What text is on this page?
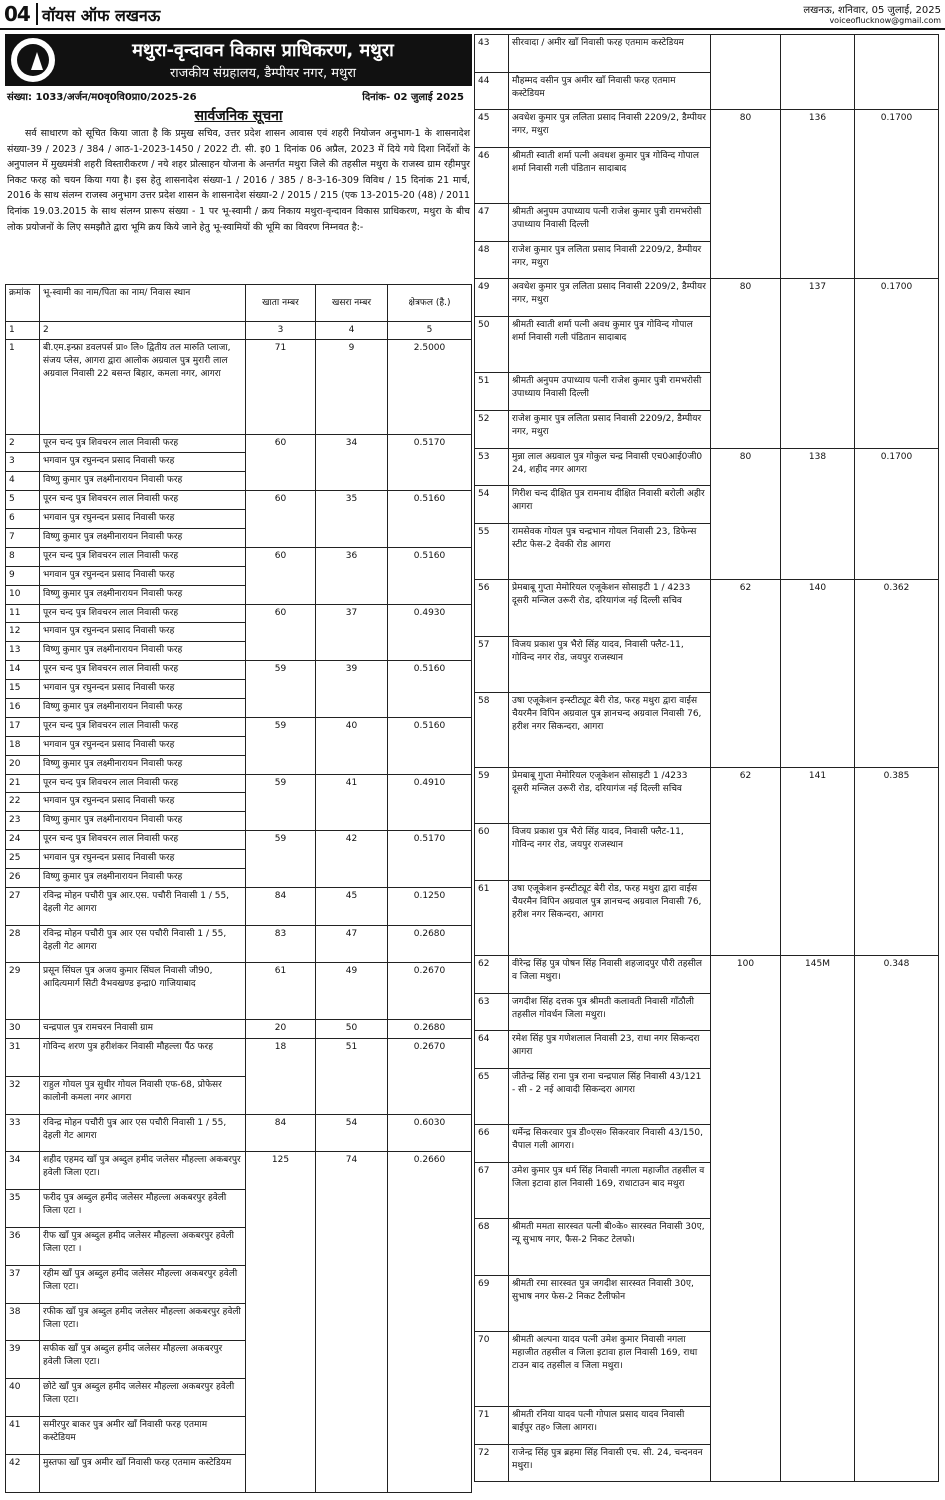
04 वॉयस ऑफ लखनऊ	लखनऊ, शनिवार, 05 जुलाई, 2025
voiceoflucknow@gmail.com
मथुरा-वृन्दावन विकास प्राधिकरण, मथुरा
राजकीय संग्रहालय, डैम्पीयर नगर, मथुरा
संख्या: 1033/अर्जन/म0वृ0वि0प्रा0/2025-26	दिनांक- 02 जुलाई 2025
सार्वजनिक सूचना
सर्व साधारण को सूचित किया जाता है कि प्रमुख सचिव, उत्तर प्रदेश शासन आवास एवं शहरी नियोजन अनुभाग-1 के शासनादेश संख्या-39 / 2023 / 384 / आठ-1-2023-1450 / 2022 टी. सी. इ0 1 दिनांक 06 अप्रैल, 2023 में दिये गये दिशा निर्देशों के अनुपालन में मुख्यमंत्री शहरी विस्तारीकरण / नये शहर प्रोत्साहन योजना के अन्तर्गत मथुरा जिले की तहसील मथुरा के राजस्व ग्राम रहीमपुर निकट फरह को चयन किया गया है। इस हेतु शासनादेश संख्या-1 / 2016 / 385 / 8-3-16-309 विविध / 15 दिनांक 21 मार्च, 2016 के साथ संलग्न राजस्व अनुभाग उत्तर प्रदेश शासन के शासनादेश संख्या-2 / 2015 / 215 (एक 13-2015-20 (48) / 2011 दिनांक 19.03.2015 के साथ संलग्न प्रारूप संख्या - 1 पर भू-स्वामी / क्रय निकाय मथुरा-वृन्दावन विकास प्राधिकरण, मथुरा के बीच लोक प्रयोजनों के लिए समझौते द्वारा भूमि क्रय किये जाने हेतु भू-स्वामियों की भूमि का विवरण निम्नवत है:-
क्रमांक	भू-स्वामी का नाम/पिता का नाम/ निवास स्थान	खाता नम्बर	खसरा नम्बर	क्षेत्रफल (है.)
1	2	3	4	5
1	बी.एम.इन्फ्रा डवलपर्स प्रा० लि० द्वितीय तल मारुति प्लाजा, संजय प्लेस, आगरा द्वारा आलोक अग्रवाल पुत्र मुरारी लाल अग्रवाल निवासी 22 बसन्त बिहार, कमला नगर, आगरा	71	9	2.5000
2	पूरन चन्द पुत्र शिवचरन लाल निवासी फरह	60	34	0.5170
3	भगवान पुत्र रघुनन्दन प्रसाद निवासी फरह			
4	विष्णु कुमार पुत्र लक्ष्मीनारायन निवासी फरह			
5	पूरन चन्द पुत्र शिवचरन लाल निवासी फरह	60	35	0.5160
6	भगवान पुत्र रघुनन्दन प्रसाद निवासी फरह			
7	विष्णु कुमार पुत्र लक्ष्मीनारायन निवासी फरह			
8	पूरन चन्द पुत्र शिवचरन लाल निवासी फरह	60	36	0.5160
9	भगवान पुत्र रघुनन्दन प्रसाद निवासी फरह			
10	विष्णु कुमार पुत्र लक्ष्मीनारायन निवासी फरह			
11	पूरन चन्द पुत्र शिवचरन लाल निवासी फरह	60	37	0.4930
12	भगवान पुत्र रघुनन्दन प्रसाद निवासी फरह			
13	विष्णु कुमार पुत्र लक्ष्मीनारायन निवासी फरह			
14	पूरन चन्द पुत्र शिवचरन लाल निवासी फरह	59	39	0.5160
15	भगवान पुत्र रघुनन्दन प्रसाद निवासी फरह			
16	विष्णु कुमार पुत्र लक्ष्मीनारायन निवासी फरह			
17	पूरन चन्द पुत्र शिवचरन लाल निवासी फरह	59	40	0.5160
18	भगवान पुत्र रघुनन्दन प्रसाद निवासी फरह			
20	विष्णु कुमार पुत्र लक्ष्मीनारायन निवासी फरह			
21	पूरन चन्द पुत्र शिवचरन लाल निवासी फरह	59	41	0.4910
22	भगवान पुत्र रघुनन्दन प्रसाद निवासी फरह			
23	विष्णु कुमार पुत्र लक्ष्मीनारायन निवासी फरह			
24	पूरन चन्द पुत्र शिवचरन लाल निवासी फरह	59	42	0.5170
25	भगवान पुत्र रघुनन्दन प्रसाद निवासी फरह			
26	विष्णु कुमार पुत्र लक्ष्मीनारायन निवासी फरह			
27	रविन्द्र मोहन पचौरी पुत्र आर.एस. पचौरी निवासी 1 / 55, देहली गेट आगरा	84	45	0.1250
28	रविन्द्र मोहन पचौरी पुत्र आर एस पचौरी निवासी 1 / 55, देहली गेट आगरा	83	47	0.2680
29	प्रसून सिंघल पुत्र अजय कुमार सिंघल निवासी जी90, आदित्यमार्ग सिटी वैभवखण्ड इन्द्रा0 गाजियाबाद	61	49	0.2670
30	चन्द्रपाल पुत्र रामचरन निवासी ग्राम	20	50	0.2680
31	गोविन्द शरण पुत्र हरीशंकर निवासी मौहल्ला पैंठ फरह	18	51	0.2670
32	राहुल गोयल पुत्र सुधीर गोयल निवासी एफ-68, प्रोफेसर कालोनी कमला नगर आगरा			
33	रविन्द्र मोहन पचौरी पुत्र आर एस पचौरी निवासी 1 / 55, देहली गेट आगरा	84	54	0.6030
34	शहीद एहमद खाँ पुत्र अब्दुल हमीद जलेसर मौहल्ला अकबरपुर हवेली जिला एटा।	125	74	0.2660
35	फरीद पुत्र अब्दुल हमीद जलेसर मौहल्ला अकबरपुर हवेली जिला एटा ।			
36	रीफ खाँ पुत्र अब्दुल हमीद जलेसर मौहल्ला अकबरपुर हवेली जिला एटा ।			
37	रहीम खाँ पुत्र अब्दुल हमीद जलेसर मौहल्ला अकबरपुर हवेली जिला एटा।			
38	रफीक खाँ पुत्र अब्दुल हमीद जलेसर मौहल्ला अकबरपुर हवेली जिला एटा।			
39	सफीक खाँ पुत्र अब्दुल हमीद जलेसर मौहल्ला अकबरपुर हवेली जिला एटा।			
40	छोटे खाँ पुत्र अब्दुल हमीद जलेसर मौहल्ला अकबरपुर हवेली जिला एटा।			
41	समीरपुर बाकर पुत्र अमीर खाँ निवासी फरह एतमाम कस्टेडियम			
42	मुस्तफा खाँ पुत्र अमीर खाँ निवासी फरह एतमाम कस्टेडियम			
43	सीरवादा / अमीर खाँ निवासी फरह एतमाम कस्टेडियम			
44	मौहम्मद वसीन पुत्र अमीर खाँ निवासी फरह एतमाम कस्टेडियम			
45	अवधेश कुमार पुत्र ललिता प्रसाद निवासी 2209/2, डैम्पीयर नगर, मथुरा	80	136	0.1700
46	श्रीमती स्वाती शर्मा पत्नी अवधश कुमार पुत्र गोविन्द गोपाल शर्मा निवासी गली पंडितान सादाबाद			
47	श्रीमती अनुपम उपाध्याय पत्नी राजेश कुमार पुत्री रामभरोसी उपाध्याय निवासी दिल्ली			
48	राजेश कुमार पुत्र ललिता प्रसाद निवासी 2209/2, डैम्पीयर नगर, मथुरा			
49	अवधेश कुमार पुत्र ललिता प्रसाद निवासी 2209/2, डैम्पीयर नगर, मथुरा	80	137	0.1700
50	श्रीमती स्वाती शर्मा पत्नी अवध कुमार पुत्र गोविन्द गोपाल शर्मा निवासी गली पंडितान सादाबाद			
51	श्रीमती अनुपम उपाध्याय पत्नी राजेश कुमार पुत्री रामभरोसी उपाध्याय निवासी दिल्ली			
52	राजेश कुमार पुत्र ललिता प्रसाद निवासी 2209/2, डैम्पीयर नगर, मथुरा			
53	मुन्ना लाल अग्रवाल पुत्र गोकुल चन्द्र निवासी एच0आई0जी0 24, शहीद नगर आगरा	80	138	0.1700
54	गिरीश चन्द दीक्षित पुत्र रामनाथ दीक्षित निवासी बरोली अहीर आगरा			
55	रामसेवक गोयल पुत्र चन्द्रभान गोयल निवासी 23, डिफेन्स स्टीट फेस-2 देवकी रोड आगरा			
56	प्रेमबाबू गुप्ता मेमोरियल एजूकेशन सोसाइटी 1 / 4233 दूसरी मन्जिल उरूरी रोड, दरियागंज नई दिल्ली सचिव	62	140	0.362
57	विजय प्रकाश पुत्र भैरो सिंह यादव, निवासी फ्लैट-11, गोविन्द नगर रोड, जयपुर राजस्थान			
58	उषा एजूकेशन इन्स्टीट्यूट बेरी रोड, फरह मथुरा द्वारा वाईस चैयरमैन विपिन अग्रवाल पुत्र ज्ञानचन्द अग्रवाल निवासी 76, हरीश नगर सिकन्दरा, आगरा			
59	प्रेमबाबू गुप्ता मेमोरियल एजूकेशन सोसाइटी 1 /4233 दूसरी मन्जिल उरूरी रोड, दरियागंज नई दिल्ली सचिव	62	141	0.385
60	विजय प्रकाश पुत्र भैरो सिंह यादव, निवासी फ्लैट-11, गोविन्द नगर रोड, जयपुर राजस्थान			
61	उषा एजूकेशन इन्स्टीट्यूट बेरी रोड, फरह मथुरा द्वारा वाईस चैयरमैन विपिन अग्रवाल पुत्र ज्ञानचन्द अग्रवाल निवासी 76, हरीश नगर सिकन्दरा, आगरा			
62	वीरेन्द्र सिंह पुत्र पोषन सिंह निवासी शहजादपुर पौरी तहसील व जिला मथुरा।	100	145M	0.348
63	जगदीश सिंह दत्तक पुत्र श्रीमती कलावती निवासी गाँठौली तहसील गोवर्धन जिला मथुरा।			
64	रमेश सिंह पुत्र गणेशलाल निवासी 23, राधा नगर सिकन्दरा आगरा			
65	जीतेन्द्र सिंह राना पुत्र राना चन्द्रपाल सिंह निवासी 43/121 - सी - 2 नई आवादी सिकन्दरा आगरा			
66	धर्मेन्द्र सिकरवार पुत्र डी०एस० सिकरवार निवासी 43/150, चैपाल गली आगरा।			
67	उमेश कुमार पुत्र धर्म सिंह निवासी नगला महाजीत तहसील व जिला इटावा हाल निवासी 169, राधाटाउन बाद मथुरा			
68	श्रीमती ममता सारस्वत पत्नी बी०के० सारस्वत निवासी 30ए, न्यू सुभाष नगर, फैस-2 निकट टेलफो।			
69	श्रीमती रमा सारस्वत पुत्र जगदीश सारस्वत निवासी 30ए, सुभाष नगर फेस-2 निकट टैलीफोन			
70	श्रीमती अल्पना यादव पत्नी उमेश कुमार निवासी नगला महाजीत तहसील व जिला इटावा हाल निवासी 169, राधा टाउन बाद तहसील व जिला मथुरा।			
71	श्रीमती रनिया यादव पत्नी गोपाल प्रसाद यादव निवासी बाईपुर तह० जिला आगरा।			
72	राजेन्द्र सिंह पुत्र ब्रहमा सिंह निवासी एच. सी. 24, चन्दनवन मथुरा।			
